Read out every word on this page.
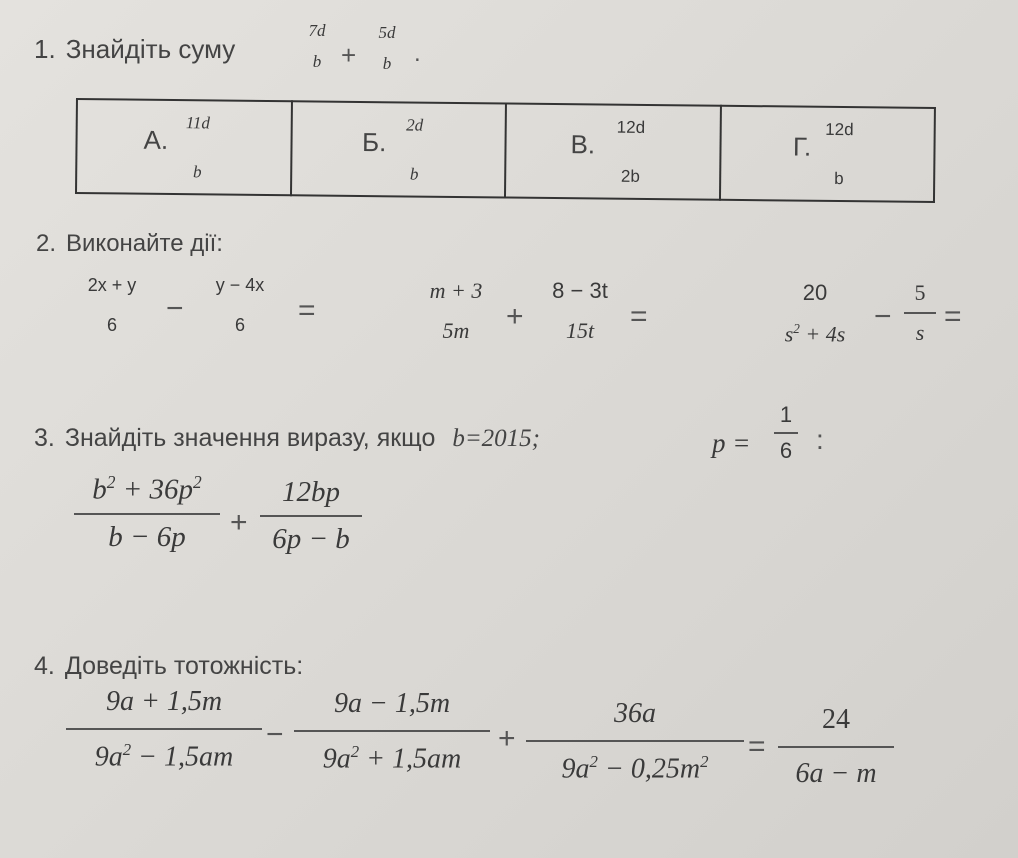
1. Знайдіть суму
7d
b +
5d
b .
А.
11d
b

Б.
2d
b

В.
12d
2b

Г.
12d
b
2. Виконайте дії:
2x + y
6	−
y − 4x
6	=
m + 3
5m	+
8 − 3t
15t	=
20
$s^2 + 4s$
−
5
s =
3. Знайдіть значення виразу, якщо b=2015;	p =
1
6 :
$b^2 + 36p^2$
b − 6p	+
12bp
6p − b
4. Доведіть тотожність:
9a + 1,5m
$9a^2 - 1,5am$
−
9a − 1,5m
$9a^2 + 1,5am$
+
36a
$9a^2 - 0,25m^2$	=
24
6a − m
